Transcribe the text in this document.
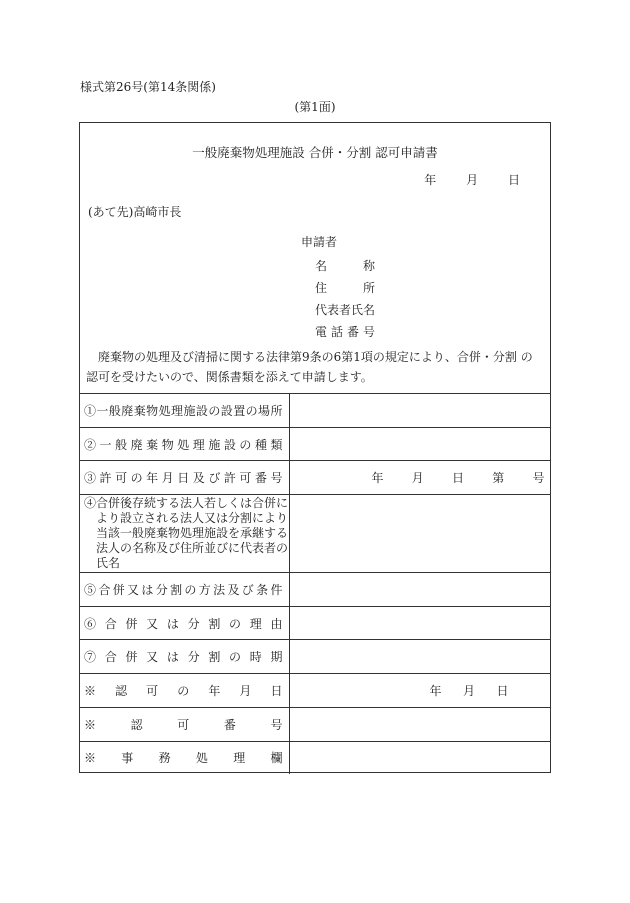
様式第26号(第14条関係)
(第1面)
一般廃棄物処理施設 合併・分割 認可申請書
年 月 日
(あて先)高崎市長
申請者
名　　称
住　　所
代表者氏名
電話番号
廃棄物の処理及び清掃に関する法律第9条の6第1項の規定により、合併・分割 の認可を受けたいので、関係書類を添えて申請します。
①一般廃棄物処理施設の設置の場所	

②一般廃棄物処理施設の種類	

③許可の年月日及び許可番号	年 月 日 第 号

④合併後存続する法人若しくは合併に
より設立される法人又は分割により
当該一般廃棄物処理施設を承継する
法人の名称及び住所並びに代表者の
氏名	

⑤合併又は分割の方法及び条件	

⑥合併又は分割の理由	

⑦合併又は分割の時期	

※認可の年月日	年 月 日

※認可番号	

※事務処理欄	
